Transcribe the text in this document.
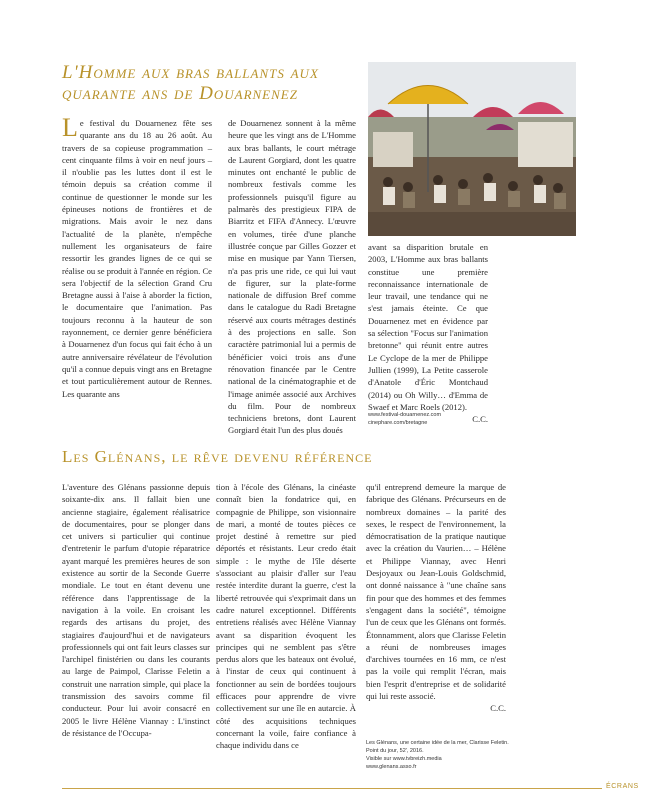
L'Homme aux bras ballants aux quarante ans de Douarnenez

Le festival du Douarnenez fête ses quarante ans du 18 au 26 août. Au travers de sa copieuse programmation – cent cinquante films à voir en neuf jours – il n'oublie pas les luttes dont il est le témoin depuis sa création comme il continue de questionner le monde sur les épineuses notions de frontières et de migrations. Mais avoir le nez dans l'actualité de la planète, n'empêche nullement les organisateurs de faire ressortir les grandes lignes de ce qui se réalise ou se produit à l'année en région. Ce sera l'objectif de la sélection Grand Cru Bretagne aussi à l'aise à aborder la fiction, le documentaire que l'animation. Pas toujours reconnu à la hauteur de son rayonnement, ce dernier genre bénéficiera à Douarnenez d'un focus qui fait écho à un autre anniversaire révélateur de l'évolution qu'il a connue depuis vingt ans en Bretagne et tout particulièrement autour de Rennes. Les quarante ans

de Douarnenez sonnent à la même heure que les vingt ans de L'Homme aux bras ballants, le court métrage de Laurent Gorgiard, dont les quatre minutes ont enchanté le public de nombreux festivals comme les professionnels puisqu'il figure au palmarès des prestigieux FIPA de Biarritz et FIFA d'Annecy. L'œuvre en volumes, tirée d'une planche illustrée conçue par Gilles Gozzer et mise en musique par Yann Tiersen, n'a pas pris une ride, ce qui lui vaut de figurer, sur la plate-forme nationale de diffusion Bref comme dans le catalogue du Radi Bretagne réservé aux courts métrages destinés à des projections en salle. Son caractère patrimonial lui a permis de bénéficier voici trois ans d'une rénovation financée par le Centre national de la cinématographie et de l'image animée associé aux Archives du film. Pour de nombreux techniciens bretons, dont Laurent Gorgiard était l'un des plus doués

avant sa disparition brutale en 2003, L'Homme aux bras ballants constitue une première reconnaissance internationale de leur travail, une tendance qui ne s'est jamais éteinte. Ce que Douarnenez met en évidence par sa sélection "Focus sur l'animation bretonne" qui réunit entre autres Le Cyclope de la mer de Philippe Jullien (1999), La Petite casserole d'Anatole d'Éric Montchaud (2014) ou Oh Willy… d'Emma de Swaef et Marc Roels (2012).
C.C.

www.festival-douarnenez.com
cinephare.com/bretagne

Les Glénans, le rêve devenu référence

L'aventure des Glénans passionne depuis soixante-dix ans. Il fallait bien une ancienne stagiaire, également réalisatrice de documentaires, pour se plonger dans cet univers si particulier qui continue d'entretenir le parfum d'utopie réparatrice ayant marqué les premières heures de son existence au sortir de la Seconde Guerre mondiale. Le tout en étant devenu une référence dans l'apprentissage de la navigation à la voile. En croisant les regards des artisans du projet, des stagiaires d'aujourd'hui et de navigateurs professionnels qui ont fait leurs classes sur l'archipel finistérien ou dans les courants au large de Paimpol, Clarisse Feletin a construit une narration simple, qui place la transmission des savoirs comme fil conducteur. Pour lui avoir consacré en 2005 le livre Hélène Viannay : L'instinct de résistance de l'Occupa-

tion à l'école des Glénans, la cinéaste connaît bien la fondatrice qui, en compagnie de Philippe, son visionnaire de mari, a monté de toutes pièces ce projet destiné à remettre sur pied déportés et résistants. Leur credo était simple : le mythe de l'île déserte s'associant au plaisir d'aller sur l'eau restée interdite durant la guerre, c'est la liberté retrouvée qui s'exprimait dans un cadre naturel exceptionnel. Différents entretiens réalisés avec Hélène Viannay avant sa disparition évoquent les principes qui ne semblent pas s'être perdus alors que les bateaux ont évolué, à l'instar de ceux qui continuent à fonctionner au sein de bordées toujours efficaces pour apprendre de vivre collectivement sur une île en autarcie. À côté des acquisitions techniques concernant la voile, faire confiance à chaque individu dans ce

qu'il entreprend demeure la marque de fabrique des Glénans. Précurseurs en de nombreux domaines – la parité des sexes, le respect de l'environnement, la démocratisation de la pratique nautique avec la création du Vaurien… – Hélène et Philippe Viannay, avec Henri Desjoyaux ou Jean-Louis Goldschmid, ont donné naissance à "une chaîne sans fin pour que des hommes et des femmes s'engagent dans la société", témoigne l'un de ceux que les Glénans ont formés. Étonnamment, alors que Clarisse Feletin a réuni de nombreuses images d'archives tournées en 16 mm, ce n'est pas la voile qui remplit l'écran, mais bien l'esprit d'entreprise et de solidarité qui lui reste associé.
C.C.

Les Glénans, une certaine idée de la mer, Clarisse Feletin. Point du jour, 52', 2016.
Visible sur www.tvbreizh.media
www.glenans.asso.fr

ÉCRANS
